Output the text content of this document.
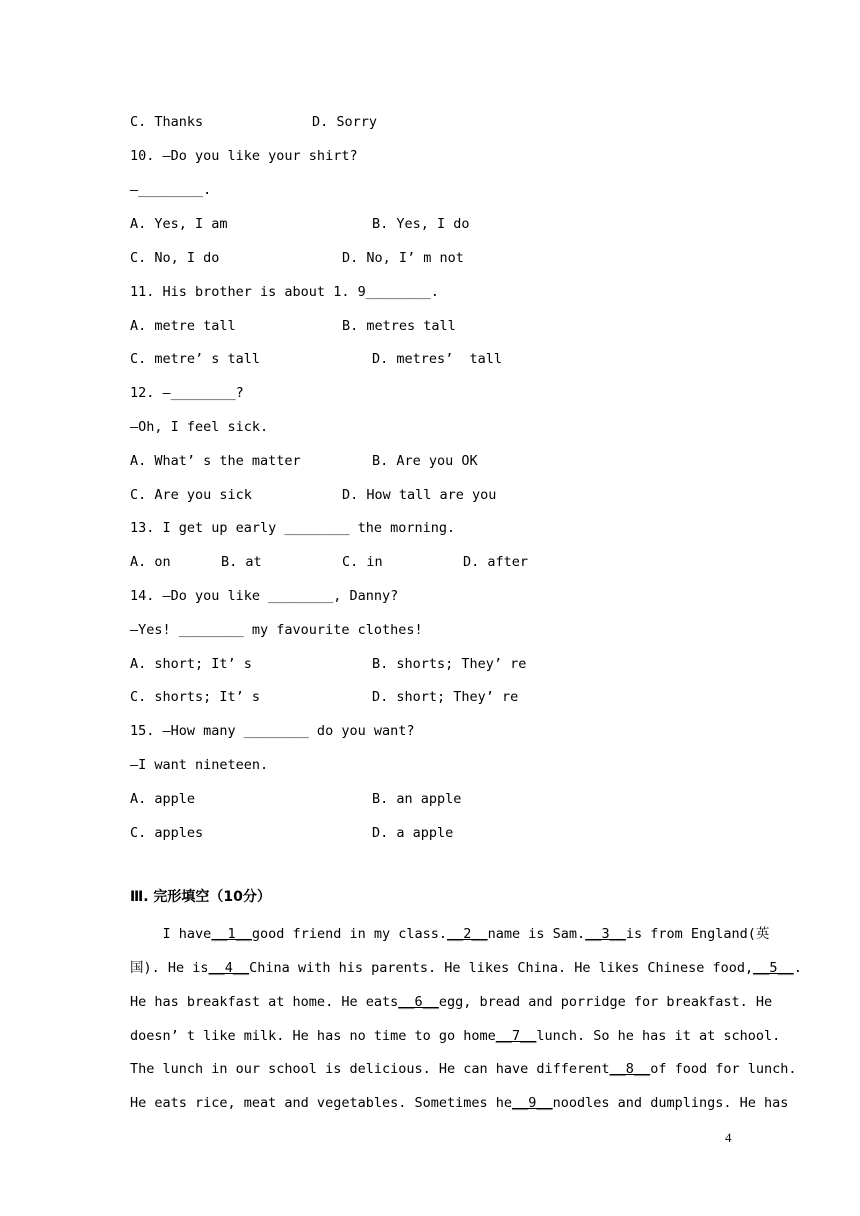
C. Thanks	D. Sorry
10. —Do you like your shirt?
—________.
A. Yes, I am	B. Yes, I do
C. No, I do	D. No, I’ m not
11. His brother is about 1. 9________.
A. metre tall	B. metres tall
C. metre’ s tall	D. metres’  tall
12. —________?
—Oh, I feel sick.
A. What’ s the matter	B. Are you OK
C. Are you sick	D. How tall are you
13. I get up early ________ the morning.
A. on	B. at	C. in	D. after
14. —Do you like ________, Danny?
—Yes! ________ my favourite clothes!
A. short; It’ s	B. shorts; They’ re
C. shorts; It’ s	D. short; They’ re
15. —How many ________ do you want?
—I want nineteen.
A. apple	B. an apple
C. apples	D. a apple
Ⅲ. 完形填空（10分）
I have __1__ good friend in my class. __2__ name is Sam. __3__ is from England(英
国). He is __4__ China with his parents. He likes China. He likes Chinese food, __5__ .
He has breakfast at home. He eats __6__ egg, bread and porridge for breakfast. He
doesn’ t like milk. He has no time to go home __7__ lunch. So he has it at school.
The lunch in our school is delicious. He can have different __8__ of food for lunch.
He eats rice, meat and vegetables. Sometimes he __9__ noodles and dumplings. He has
4
